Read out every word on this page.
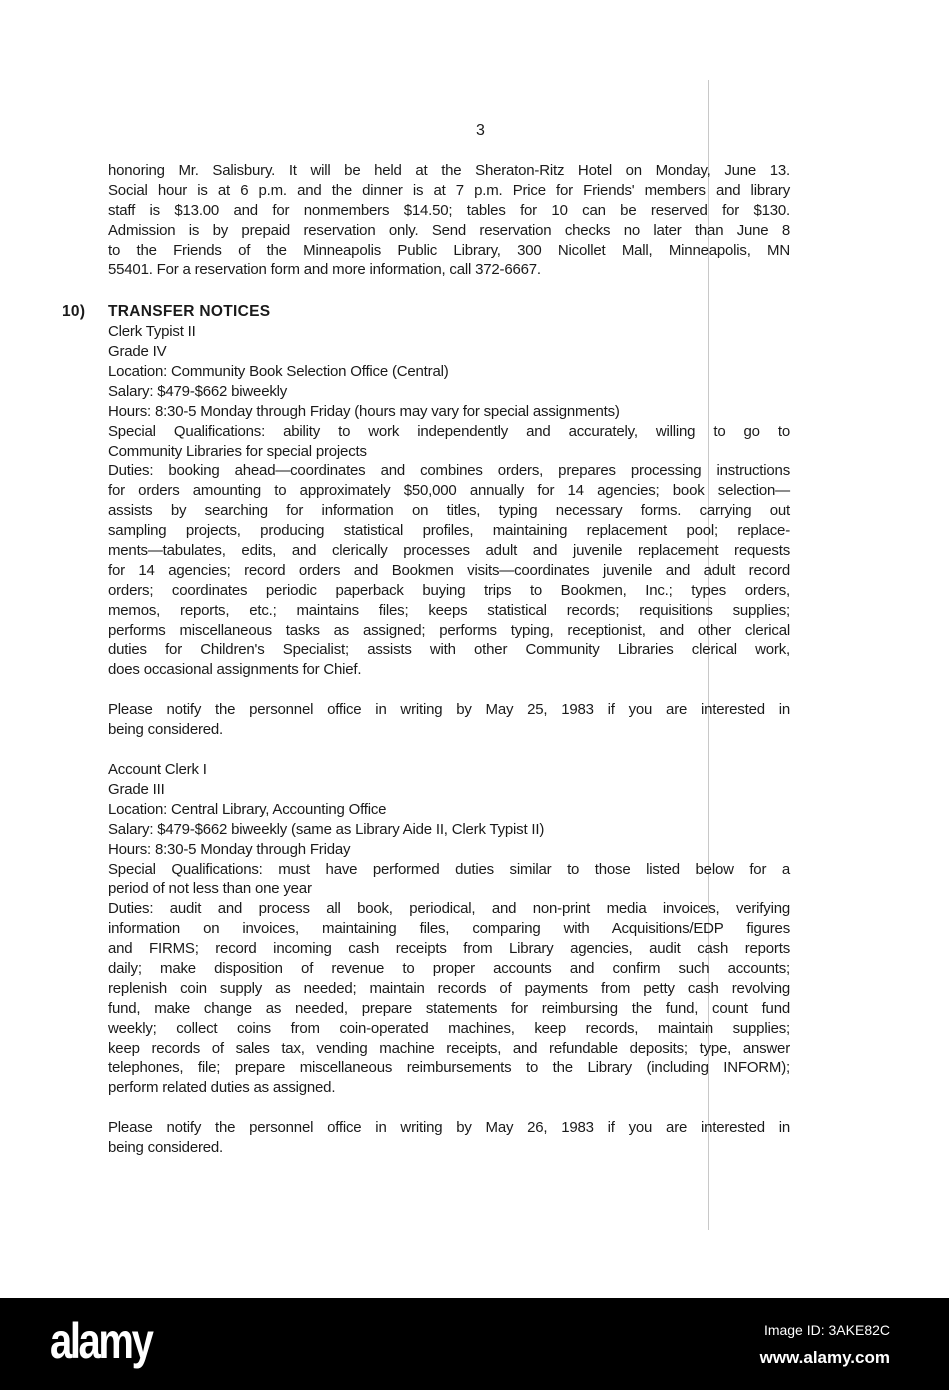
3
honoring Mr. Salisbury. It will be held at the Sheraton-Ritz Hotel on Monday, June 13.
Social hour is at 6 p.m. and the dinner is at 7 p.m. Price for Friends' members and library
staff is $13.00 and for nonmembers $14.50; tables for 10 can be reserved for $130.
Admission is by prepaid reservation only. Send reservation checks no later than June 8
to the Friends of the Minneapolis Public Library, 300 Nicollet Mall, Minneapolis, MN
55401. For a reservation form and more information, call 372-6667.
10) TRANSFER NOTICES
Clerk Typist II
Grade IV
Location: Community Book Selection Office (Central)
Salary: $479-$662 biweekly
Hours: 8:30-5 Monday through Friday (hours may vary for special assignments)
Special Qualifications: ability to work independently and accurately, willing to go to
Community Libraries for special projects
Duties: booking ahead—coordinates and combines orders, prepares processing instructions
for orders amounting to approximately $50,000 annually for 14 agencies; book selection—
assists by searching for information on titles, typing necessary forms. carrying out
sampling projects, producing statistical profiles, maintaining replacement pool; replace-
ments—tabulates, edits, and clerically processes adult and juvenile replacement requests
for 14 agencies; record orders and Bookmen visits—coordinates juvenile and adult record
orders; coordinates periodic paperback buying trips to Bookmen, Inc.; types orders,
memos, reports, etc.; maintains files; keeps statistical records; requisitions supplies;
performs miscellaneous tasks as assigned; performs typing, receptionist, and other clerical
duties for Children's Specialist; assists with other Community Libraries clerical work,
does occasional assignments for Chief.
Please notify the personnel office in writing by May 25, 1983 if you are interested in
being considered.
Account Clerk I
Grade III
Location: Central Library, Accounting Office
Salary: $479-$662 biweekly (same as Library Aide II, Clerk Typist II)
Hours: 8:30-5 Monday through Friday
Special Qualifications: must have performed duties similar to those listed below for a
period of not less than one year
Duties: audit and process all book, periodical, and non-print media invoices, verifying
information on invoices, maintaining files, comparing with Acquisitions/EDP figures
and FIRMS; record incoming cash receipts from Library agencies, audit cash reports
daily; make disposition of revenue to proper accounts and confirm such accounts;
replenish coin supply as needed; maintain records of payments from petty cash revolving
fund, make change as needed, prepare statements for reimbursing the fund, count fund
weekly; collect coins from coin-operated machines, keep records, maintain supplies;
keep records of sales tax, vending machine receipts, and refundable deposits; type, answer
telephones, file; prepare miscellaneous reimbursements to the Library (including INFORM);
perform related duties as assigned.
Please notify the personnel office in writing by May 26, 1983 if you are interested in
being considered.
alamy	Image ID: 3AKE82C
www.alamy.com
